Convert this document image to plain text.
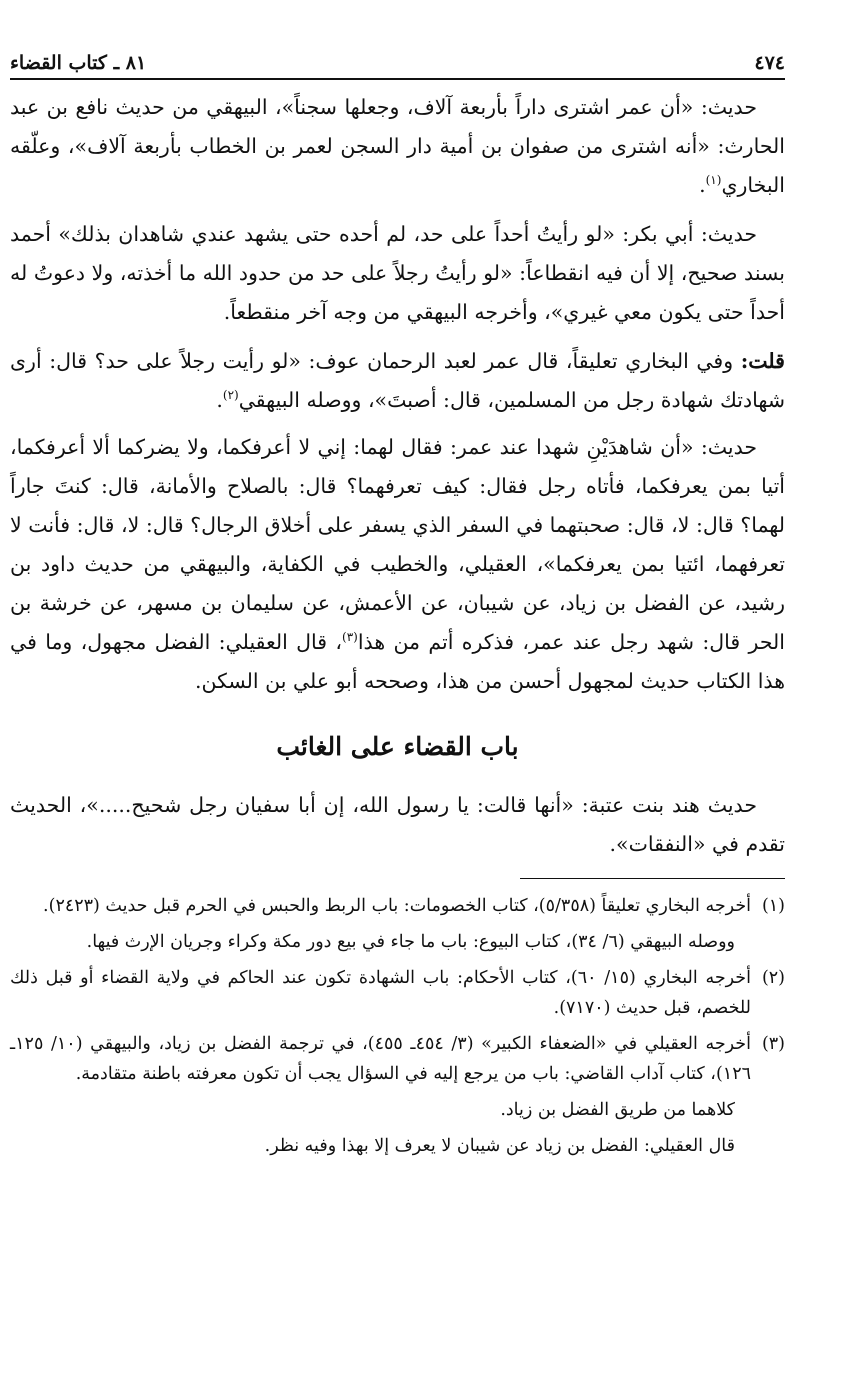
٤٧٤
٨١ ـ كتاب القضاء

حديث: «أن عمر اشترى داراً بأربعة آلاف، وجعلها سجناً»، البيهقي من حديث نافع بن عبد الحارث: «أنه اشترى من صفوان بن أمية دار السجن لعمر بن الخطاب بأربعة آلاف»، وعلّقه البخاري$^{(١)}$.

حديث: أبي بكر: «لو رأيتُ أحداً على حد، لم أحده حتى يشهد عندي شاهدان بذلك» أحمد بسند صحيح، إلا أن فيه انقطاعاً: «لو رأيتُ رجلاً على حد من حدود الله ما أخذته، ولا دعوتُ له أحداً حتى يكون معي غيري»، وأخرجه البيهقي من وجه آخر منقطعاً.

قلت: وفي البخاري تعليقاً، قال عمر لعبد الرحمان عوف: «لو رأيت رجلاً على حد؟ قال: أرى شهادتك شهادة رجل من المسلمين، قال: أصبتَ»، ووصله البيهقي$^{(٢)}$.

حديث: «أن شاهدَيْنِ شهدا عند عمر: فقال لهما: إني لا أعرفكما، ولا يضركما ألا أعرفكما، أتيا بمن يعرفكما، فأتاه رجل فقال: كيف تعرفهما؟ قال: بالصلاح والأمانة، قال: كنتَ جاراً لهما؟ قال: لا، قال: صحبتهما في السفر الذي يسفر على أخلاق الرجال؟ قال: لا، قال: فأنت لا تعرفهما، ائتيا بمن يعرفكما»، العقيلي، والخطيب في الكفاية، والبيهقي من حديث داود بن رشيد، عن الفضل بن زياد، عن شيبان، عن الأعمش، عن سليمان بن مسهر، عن خرشة بن الحر قال: شهد رجل عند عمر، فذكره أتم من هذا$^{(٣)}$، قال العقيلي: الفضل مجهول، وما في هذا الكتاب حديث لمجهول أحسن من هذا، وصححه أبو علي بن السكن.

باب القضاء على الغائب

حديث هند بنت عتبة: «أنها قالت: يا رسول الله، إن أبا سفيان رجل شحيح.....»، الحديث تقدم في «النفقات».

(١)
أخرجه البخاري تعليقاً (٥/٣٥٨)، كتاب الخصومات: باب الربط والحبس في الحرم قبل حديث (٢٤٢٣).
ووصله البيهقي (٦/ ٣٤)، كتاب البيوع: باب ما جاء في بيع دور مكة وكراء وجريان الإرث فيها.
(٢)
أخرجه البخاري (١٥/ ٦٠)، كتاب الأحكام: باب الشهادة تكون عند الحاكم في ولاية القضاء أو قبل ذلك للخصم، قبل حديث (٧١٧٠).
(٣)
أخرجه العقيلي في «الضعفاء الكبير» (٣/ ٤٥٤ـ ٤٥٥)، في ترجمة الفضل بن زياد، والبيهقي (١٠/ ١٢٥ـ ١٢٦)، كتاب آداب القاضي: باب من يرجع إليه في السؤال يجب أن تكون معرفته باطنة متقادمة.
كلاهما من طريق الفضل بن زياد.
قال العقيلي: الفضل بن زياد عن شيبان لا يعرف إلا بهذا وفيه نظر.
